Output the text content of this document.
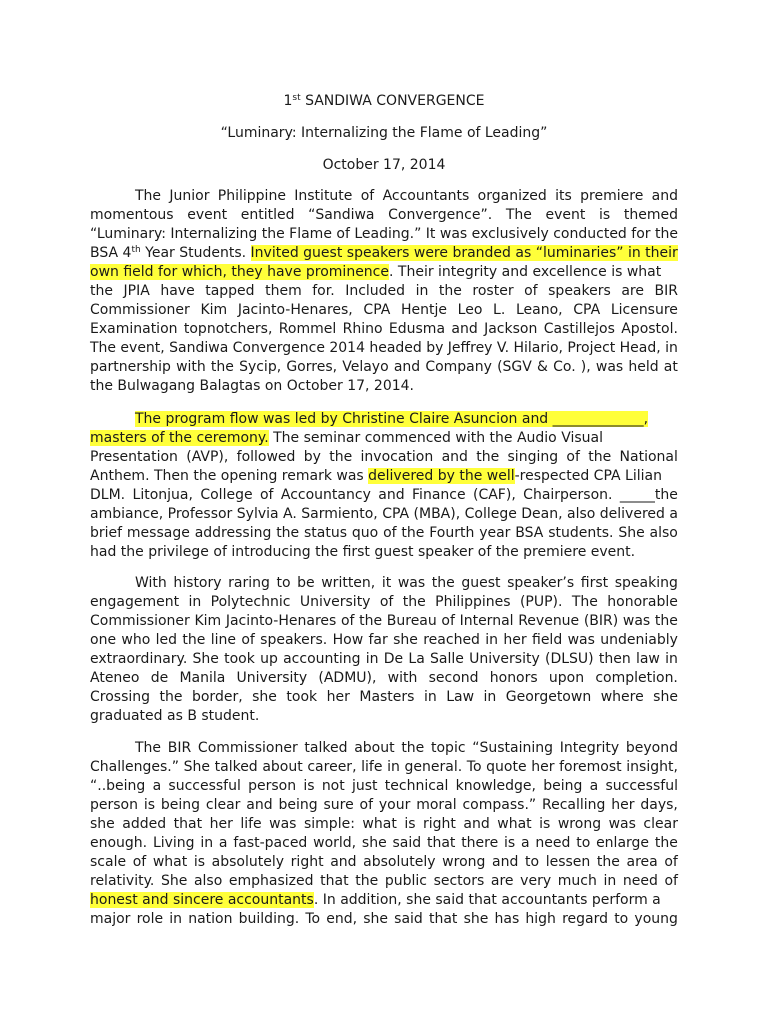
1st SANDIWA CONVERGENCE
“Luminary: Internalizing the Flame of Leading”
October 17, 2014
The Junior Philippine Institute of Accountants organized its premiere and
momentous event entitled “Sandiwa Convergence”. The event is themed
“Luminary: Internalizing the Flame of Leading.” It was exclusively conducted for the
BSA 4th Year Students. Invited guest speakers were branded as “luminaries” in their
own field for which, they have prominence. Their integrity and excellence is what
the JPIA have tapped them for. Included in the roster of speakers are BIR
Commissioner Kim Jacinto-Henares, CPA Hentje Leo L. Leano, CPA Licensure
Examination topnotchers, Rommel Rhino Edusma and Jackson Castillejos Apostol.
The event, Sandiwa Convergence 2014 headed by Jeffrey V. Hilario, Project Head, in
partnership with the Sycip, Gorres, Velayo and Company (SGV & Co. ), was held at
the Bulwagang Balagtas on October 17, 2014.
The program flow was led by Christine Claire Asuncion and _____________,
masters of the ceremony. The seminar commenced with the Audio Visual
Presentation (AVP), followed by the invocation and the singing of the National
Anthem. Then the opening remark was delivered by the well-respected CPA Lilian
DLM. Litonjua, College of Accountancy and Finance (CAF), Chairperson. _____the
ambiance, Professor Sylvia A. Sarmiento, CPA (MBA), College Dean, also delivered a
brief message addressing the status quo of the Fourth year BSA students. She also
had the privilege of introducing the first guest speaker of the premiere event.
With history raring to be written, it was the guest speaker’s first speaking
engagement in Polytechnic University of the Philippines (PUP). The honorable
Commissioner Kim Jacinto-Henares of the Bureau of Internal Revenue (BIR) was the
one who led the line of speakers. How far she reached in her field was undeniably
extraordinary. She took up accounting in De La Salle University (DLSU) then law in
Ateneo de Manila University (ADMU), with second honors upon completion.
Crossing the border, she took her Masters in Law in Georgetown where she
graduated as B student.
The BIR Commissioner talked about the topic “Sustaining Integrity beyond
Challenges.” She talked about career, life in general. To quote her foremost insight,
“..being a successful person is not just technical knowledge, being a successful
person is being clear and being sure of your moral compass.” Recalling her days,
she added that her life was simple: what is right and what is wrong was clear
enough. Living in a fast-paced world, she said that there is a need to enlarge the
scale of what is absolutely right and absolutely wrong and to lessen the area of
relativity. She also emphasized that the public sectors are very much in need of
honest and sincere accountants. In addition, she said that accountants perform a
major role in nation building. To end, she said that she has high regard to young
